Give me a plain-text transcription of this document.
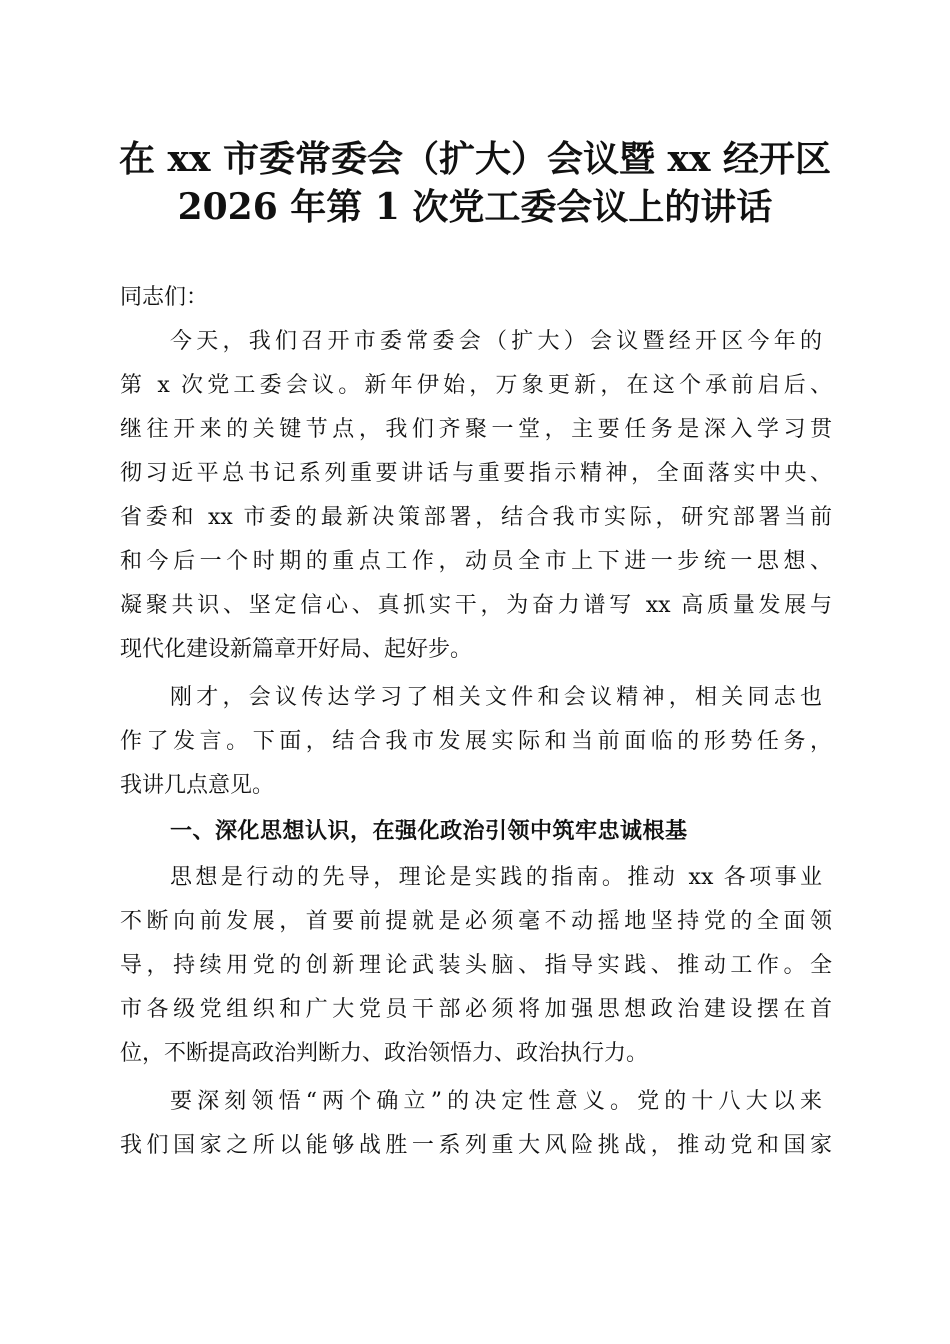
在 xx 市委常委会（扩大）会议暨 xx 经开区
2026 年第 1 次党工委会议上的讲话
同志们：
今天，我们召开市委常委会（扩大）会议暨经开区今年的
第 x 次党工委会议。新年伊始，万象更新，在这个承前启后、
继往开来的关键节点，我们齐聚一堂，主要任务是深入学习贯
彻习近平总书记系列重要讲话与重要指示精神，全面落实中央、
省委和 xx 市委的最新决策部署，结合我市实际，研究部署当前
和今后一个时期的重点工作，动员全市上下进一步统一思想、
凝聚共识、坚定信心、真抓实干，为奋力谱写 xx 高质量发展与
现代化建设新篇章开好局、起好步。
刚才，会议传达学习了相关文件和会议精神，相关同志也
作了发言。下面，结合我市发展实际和当前面临的形势任务，
我讲几点意见。
一、深化思想认识，在强化政治引领中筑牢忠诚根基
思想是行动的先导，理论是实践的指南。推动 xx 各项事业
不断向前发展，首要前提就是必须毫不动摇地坚持党的全面领
导，持续用党的创新理论武装头脑、指导实践、推动工作。全
市各级党组织和广大党员干部必须将加强思想政治建设摆在首
位，不断提高政治判断力、政治领悟力、政治执行力。
要深刻领悟“两个确立”的决定性意义。党的十八大以来
我们国家之所以能够战胜一系列重大风险挑战，推动党和国家
